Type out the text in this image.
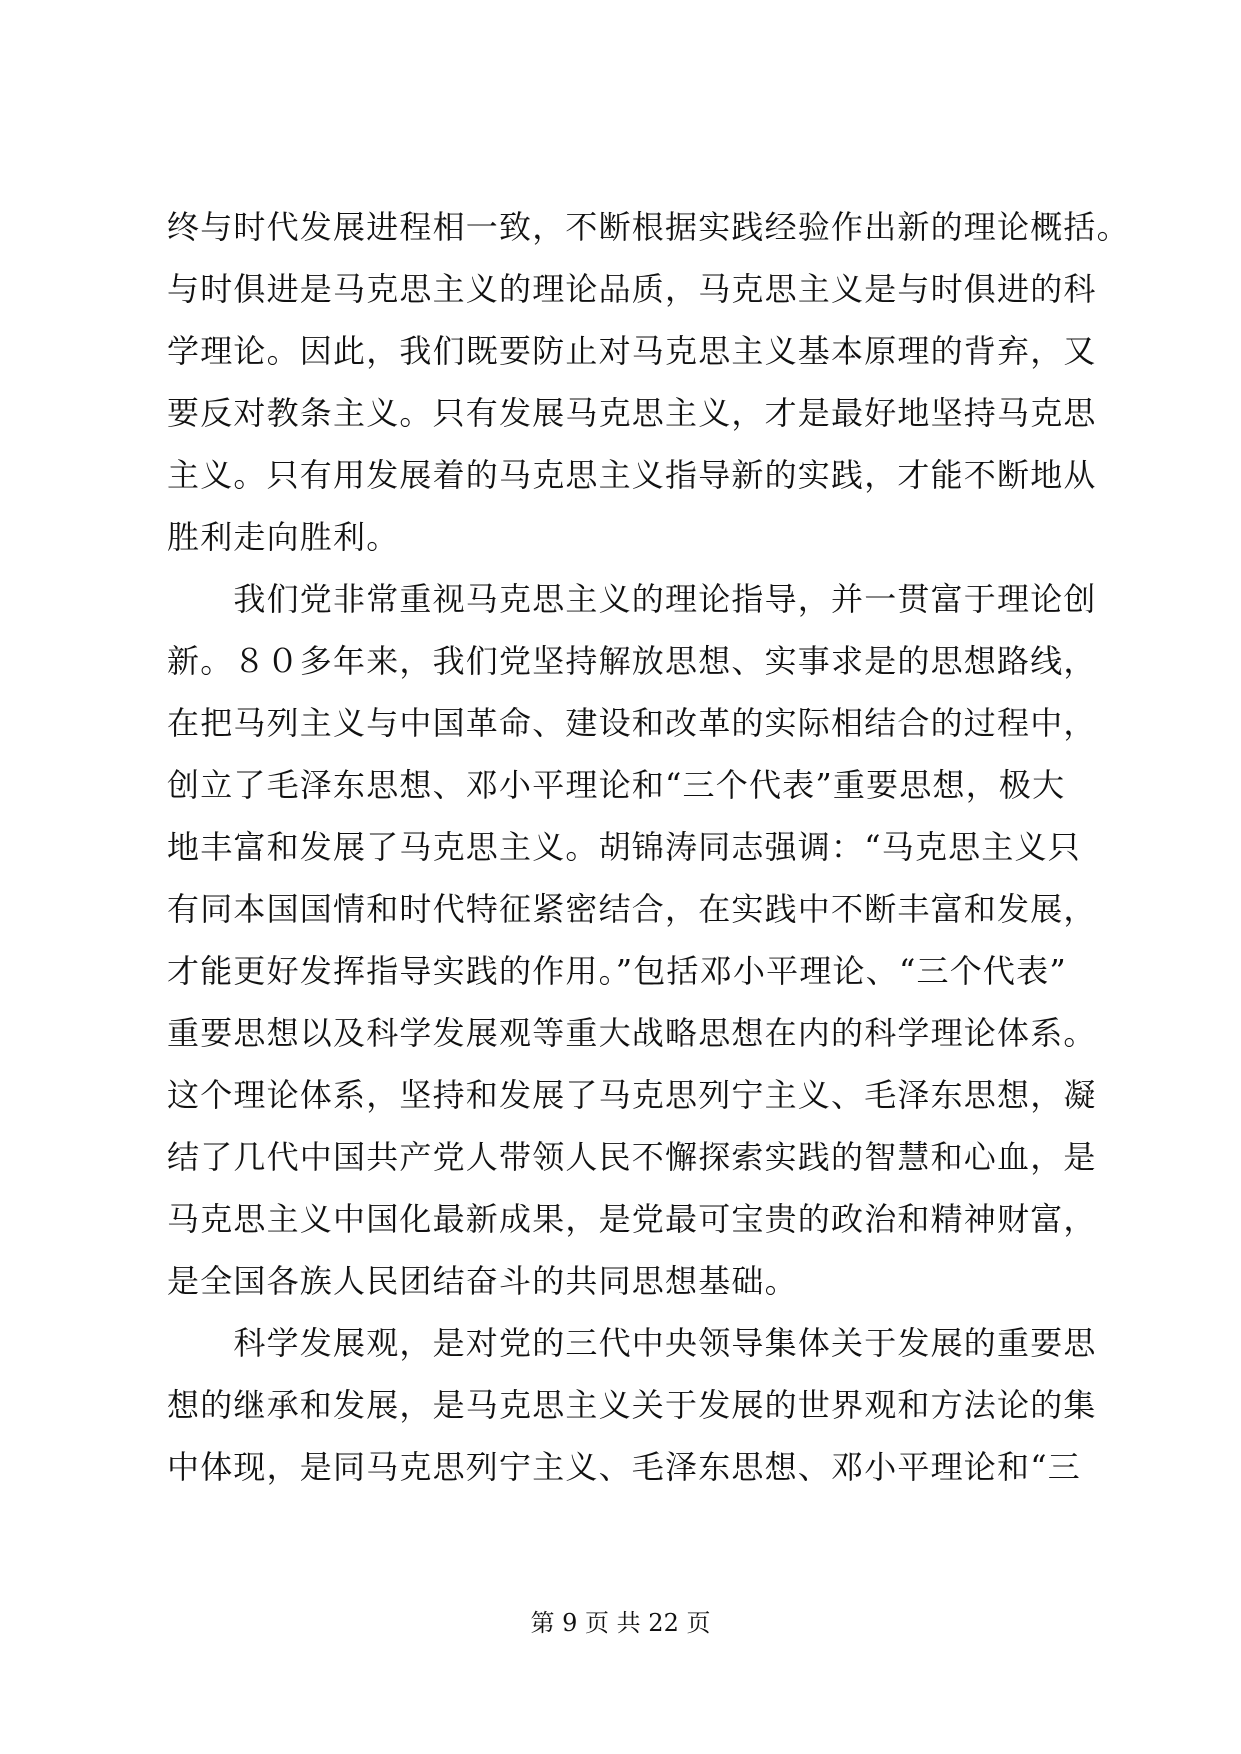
终与时代发展进程相一致，不断根据实践经验作出新的理论概括。
与时俱进是马克思主义的理论品质，马克思主义是与时俱进的科
学理论。因此，我们既要防止对马克思主义基本原理的背弃，又
要反对教条主义。只有发展马克思主义，才是最好地坚持马克思
主义。只有用发展着的马克思主义指导新的实践，才能不断地从
胜利走向胜利。
　　我们党非常重视马克思主义的理论指导，并一贯富于理论创
新。８０多年来，我们党坚持解放思想、实事求是的思想路线，
在把马列主义与中国革命、建设和改革的实际相结合的过程中，
创立了毛泽东思想、邓小平理论和“三个代表”重要思想，极大
地丰富和发展了马克思主义。胡锦涛同志强调：“马克思主义只
有同本国国情和时代特征紧密结合，在实践中不断丰富和发展，
才能更好发挥指导实践的作用。”包括邓小平理论、“三个代表”
重要思想以及科学发展观等重大战略思想在内的科学理论体系。
这个理论体系，坚持和发展了马克思列宁主义、毛泽东思想，凝
结了几代中国共产党人带领人民不懈探索实践的智慧和心血，是
马克思主义中国化最新成果，是党最可宝贵的政治和精神财富，
是全国各族人民团结奋斗的共同思想基础。
　　科学发展观，是对党的三代中央领导集体关于发展的重要思
想的继承和发展，是马克思主义关于发展的世界观和方法论的集
中体现，是同马克思列宁主义、毛泽东思想、邓小平理论和“三
第 9 页 共 22 页
